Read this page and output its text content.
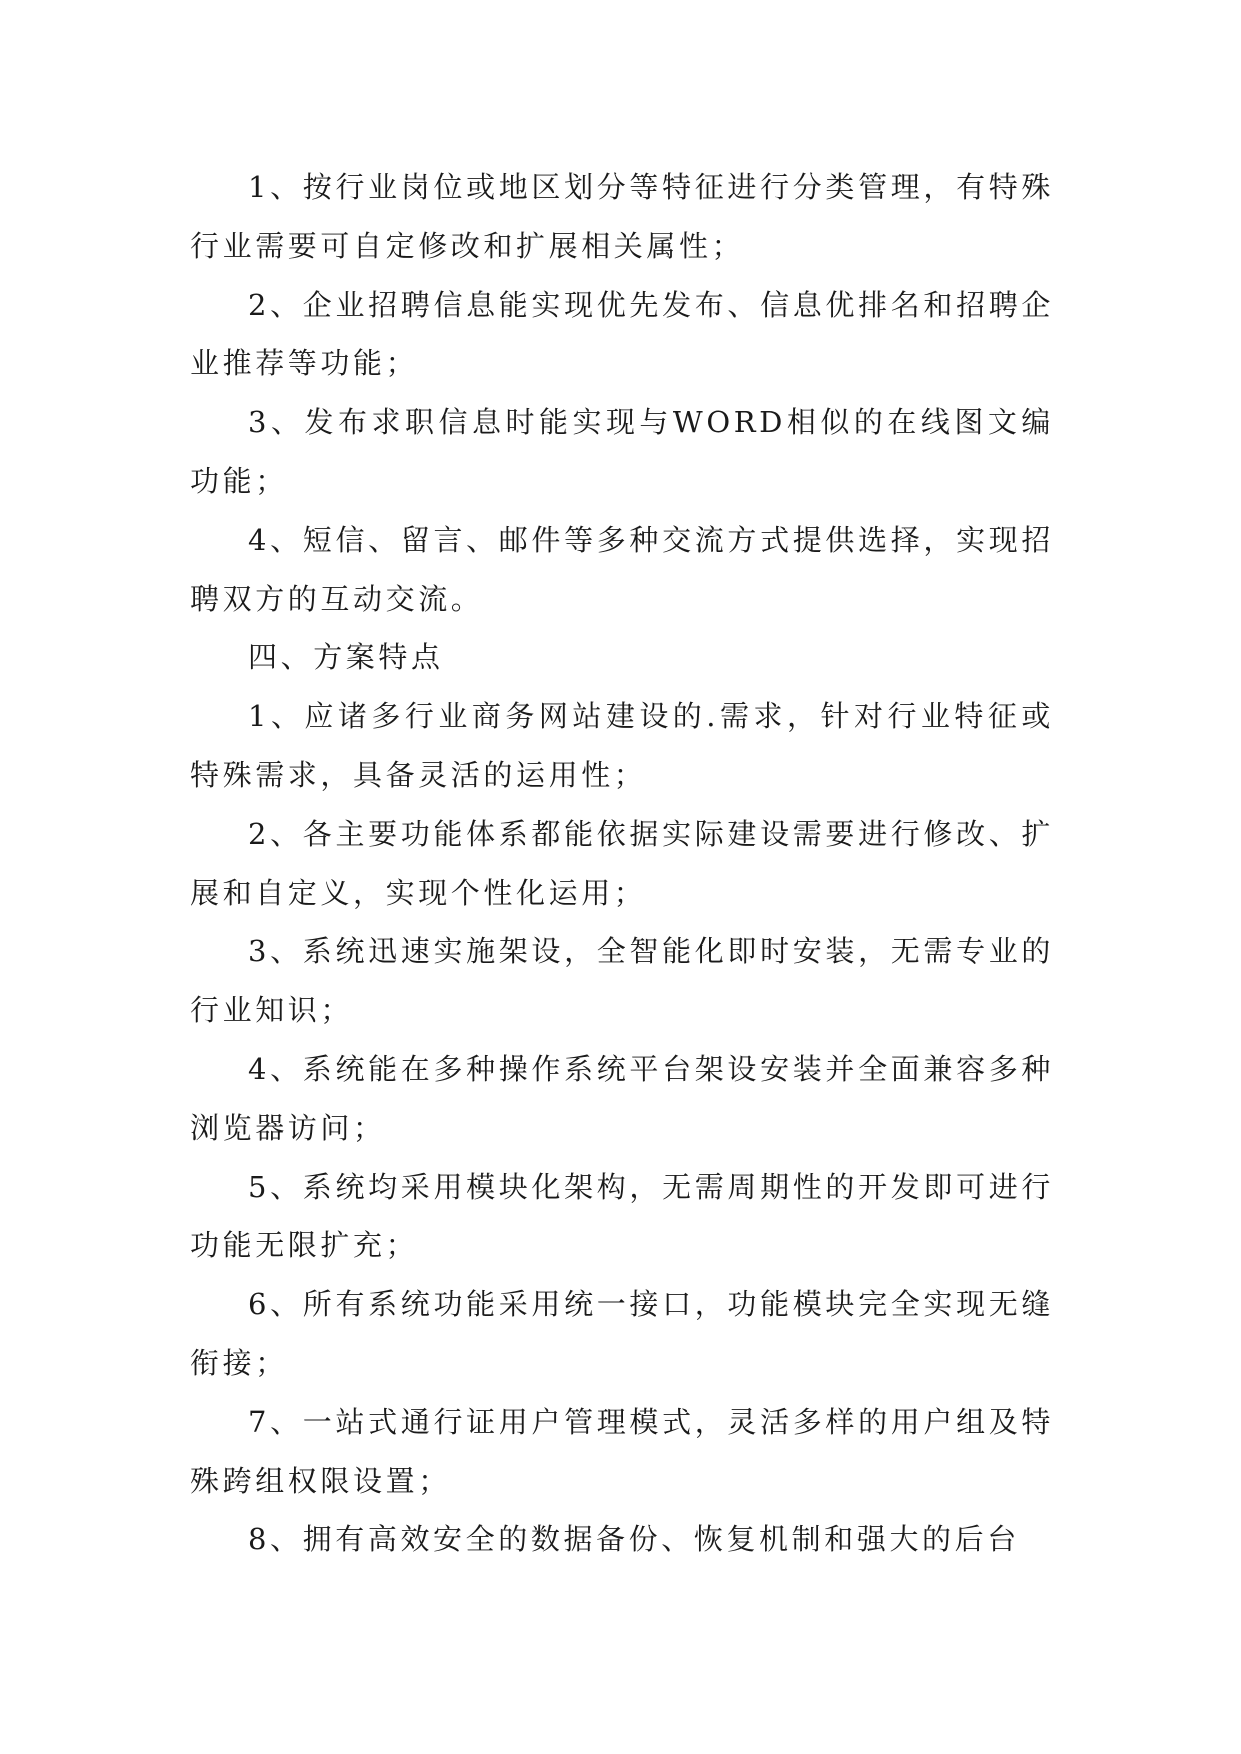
1、按行业岗位或地区划分等特征进行分类管理，有特殊行业需要可自定修改和扩展相关属性；

2、企业招聘信息能实现优先发布、信息优排名和招聘企业推荐等功能；

3、发布求职信息时能实现与WORD相似的在线图文编功能；

4、短信、留言、邮件等多种交流方式提供选择，实现招聘双方的互动交流。

四、方案特点

1、应诸多行业商务网站建设的.需求，针对行业特征或特殊需求，具备灵活的运用性；

2、各主要功能体系都能依据实际建设需要进行修改、扩展和自定义，实现个性化运用；

3、系统迅速实施架设，全智能化即时安装，无需专业的行业知识；

4、系统能在多种操作系统平台架设安装并全面兼容多种浏览器访问；

5、系统均采用模块化架构，无需周期性的开发即可进行功能无限扩充；

6、所有系统功能采用统一接口，功能模块完全实现无缝衔接；

7、一站式通行证用户管理模式，灵活多样的用户组及特殊跨组权限设置；

8、拥有高效安全的数据备份、恢复机制和强大的后台
